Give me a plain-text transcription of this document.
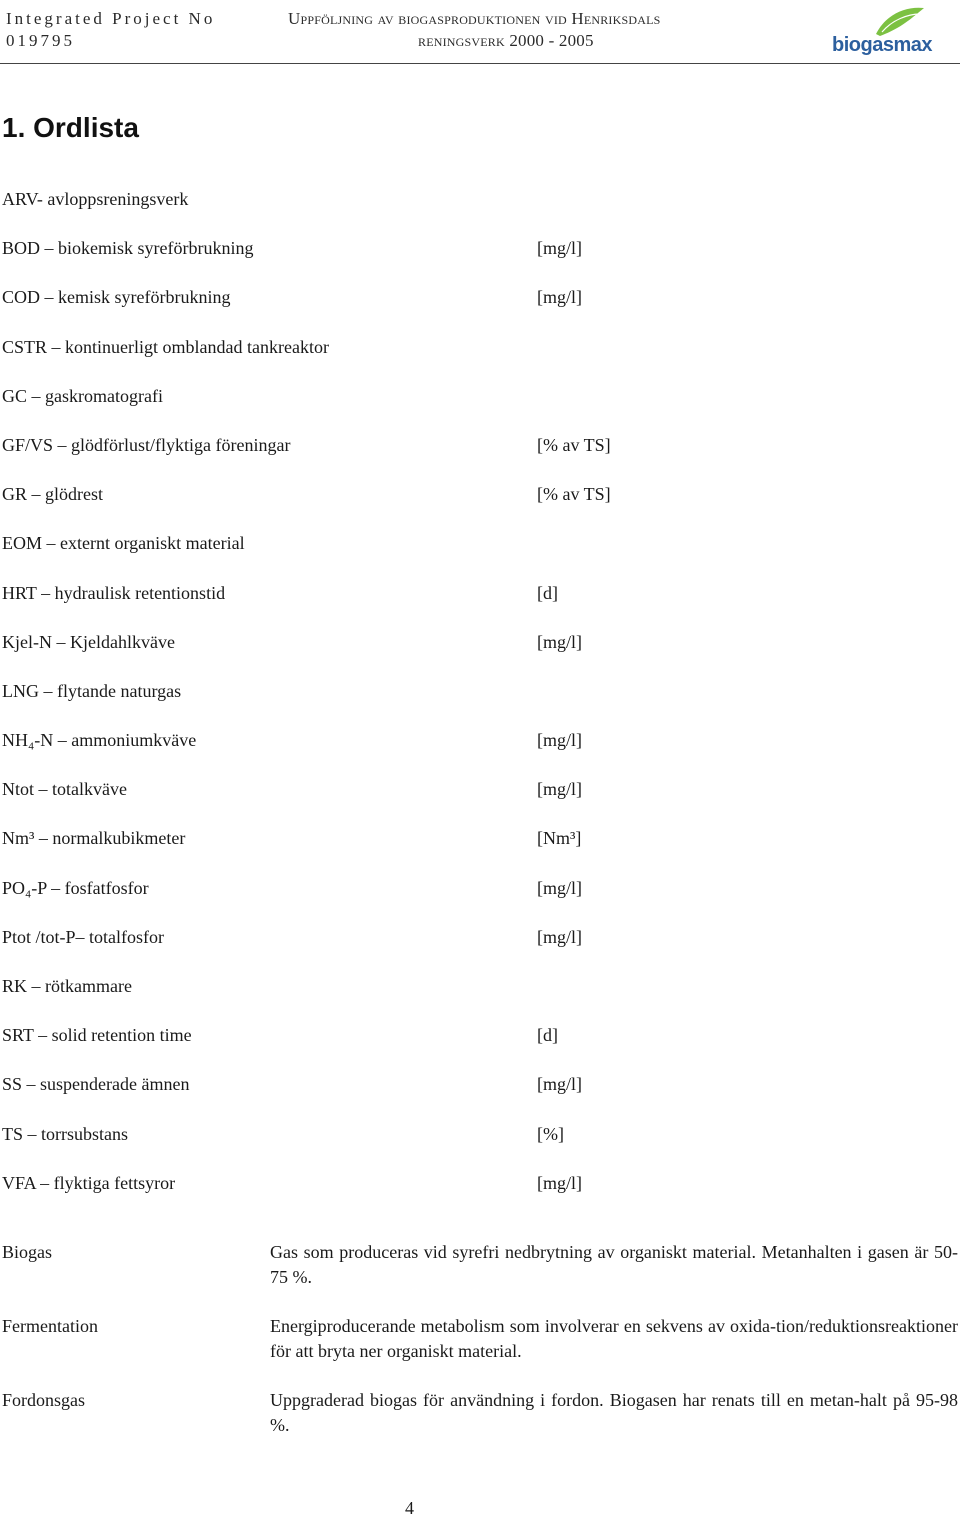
Integrated Project No
019795
Uppföljning av biogasproduktionen vid Henriksdals
reningsverk 2000 - 2005	biogasmax
1. Ordlista
ARV- avloppsreningsverk
BOD – biokemisk syreförbrukning	[mg/l]
COD – kemisk syreförbrukning	[mg/l]
CSTR – kontinuerligt omblandad tankreaktor
GC – gaskromatografi
GF/VS – glödförlust/flyktiga föreningar	[% av TS]
GR – glödrest	[% av TS]
EOM – externt organiskt material
HRT – hydraulisk retentionstid	[d]
Kjel-N – Kjeldahlkväve	[mg/l]
LNG – flytande naturgas
NH₄-N – ammoniumkväve	[mg/l]
Ntot – totalkväve	[mg/l]
Nm³ – normalkubikmeter	[Nm³]
PO₄-P – fosfatfosfor	[mg/l]
Ptot /tot-P– totalfosfor	[mg/l]
RK – rötkammare
SRT – solid retention time	[d]
SS – suspenderade ämnen	[mg/l]
TS – torrsubstans	[%]
VFA – flyktiga fettsyror	[mg/l]
Biogas	Gas som produceras vid syrefri nedbrytning av organiskt material. Metanhalten i gasen är 50-75 %.
Fermentation	Energiproducerande metabolism som involverar en sekvens av oxida-tion/reduktionsreaktioner för att bryta ner organiskt material.
Fordonsgas	Uppgraderad biogas för användning i fordon. Biogasen har renats till en metan-halt på 95-98 %.
4
